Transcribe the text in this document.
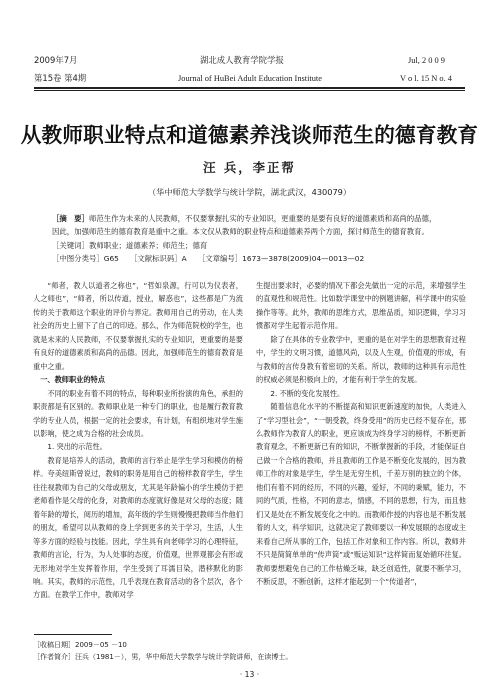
2009年7月	湖北成人教育学院学报	Jul, 2 0 0 9
第15卷 第4期	Journal of HuBei Adult Education Institute	V o l. 15 N o. 4
从教师职业特点和道德素养浅谈师范生的德育教育
汪 兵，李正帮
（华中师范大学数学与统计学院，湖北武汉，430079）
［摘　要］师范生作为未来的人民教师，不仅要掌握扎实的专业知识，更重要的是要有良好的道德素质和高尚的品德，
因此，加强师范生的德育教育是重中之重。本文仅从教师的职业特点和道德素养两个方面，探讨师范生的德育教育。
［关键词］教师职业；道德素养；师范生；德育
［中图分类号］G65　　［文献标识码］A　　［文章编号］1673—3878(2009)04—0013—02

“师者，教人以道者之称也”，“哲如泉源，行可以为仪表者，人之师也”，“师者，所以传道，授业，解惑也”，这些都是广为流传的关于教师这个职业的评价与界定。教师用自己的劳动，在人类社会的历史上留下了自己的印迹。那么，作为师范院校的学生，也就是未来的人民教师，不仅要掌握扎实的专业知识，更重要的是要有良好的道德素质和高尚的品德。因此，加强师范生的德育教育是重中之重。

一、教师职业的特点

不同的职业有着不同的特点，每种职业所扮演的角色，承担的职责都是有区别的。教师职业是一种专门的职业，也是履行教育教学的专业人员，根据一定的社会要求，有计划，有组织地对学生施以影响，使之成为合格的社会成员。

1. 突出的示范性。

教育是培养人的活动，教师的言行举止是学生学习和模仿的榜样。夸美纽斯曾说过，教师的职务是用自己的榜样教育学生，学生往往视教师为自己的父母或朋友，尤其是年龄偏小的学生模仿于把老师看作是父母的化身，对教师的态度就好像是对父母的态度；随着年龄的增长，阅历的增加，高年级的学生则慢慢把教师当作他们的朋友，希望可以从教师的身上学到更多的关于学习，生活，人生等多方面的经验与技能。因此，学生具有向老师学习的心理特征，教师的言论，行为，为人处事的态度，价值观，世界观都会有形或无形地对学生发挥着作用，学生受到了耳濡目染，潜移默化的影响。其实，教师的示范性，几乎表现在教育活动的各个层次，各个方面。在教学工作中，教师对学

生提出要求时，必要的情况下都会先做出一定的示范，来增强学生的直观性和规范性。比如数学课堂中的例题讲解，科学课中的实验操作等等。此外，教师的思维方式，思维品质，知识逻辑，学习习惯都对学生起着示范作用。

除了在具体的专业教学中，更重的是在对学生的思想教育过程中，学生的文明习惯，道德风尚，以及人生观，价值观的形成，有与教师的言传身教有着密切的关系。所以，教师的这种具有示范性的权威必须是积极向上的，才能有利于学生的发展。

2. 不断的变化发展性。

随着信息化水平的不断提高和知识更新速度的加快，人类进入了“学习型社会”，“一朝受教，终身受用”的历史已经不复存在，那么教师作为教育人的职业，更应该成为终身学习的榜样，不断更新教育观念，不断更新已有的知识，不断掌握新的手段，才能保证自己做一个合格的教师，并且教师的工作是不断变化发展的，因为教师工作的对象是学生，学生是无穷生机，千差万别的独立的个体，他们有着不同的经历，不同的兴趣，爱好，不同的秉赋，能力，不同的气质，性格，不同的意志，情感，不同的思想，行为，而且他们又是处在不断发展变化之中的。而教师作授的内容也是不断发展着的人文，科学知识，这就决定了教师要以一种发展眼的态度或主来看自己所从事的工作，包括工作对象和工作内容。所以，教师并不只是简简单单的“传声筒”或“贩运知识”这样简而复始循环往复。教师要想避免自己的工作枯燥乏味，缺乏创造性，就要不断学习，不断反思，不断创新，这样才能起到一个“传道者”，

［收稿日期］2009－05 －10
［作者简介］汪兵（1981－），男，华中师范大学数学与统计学院讲师，在读博士。
· 13 ·
